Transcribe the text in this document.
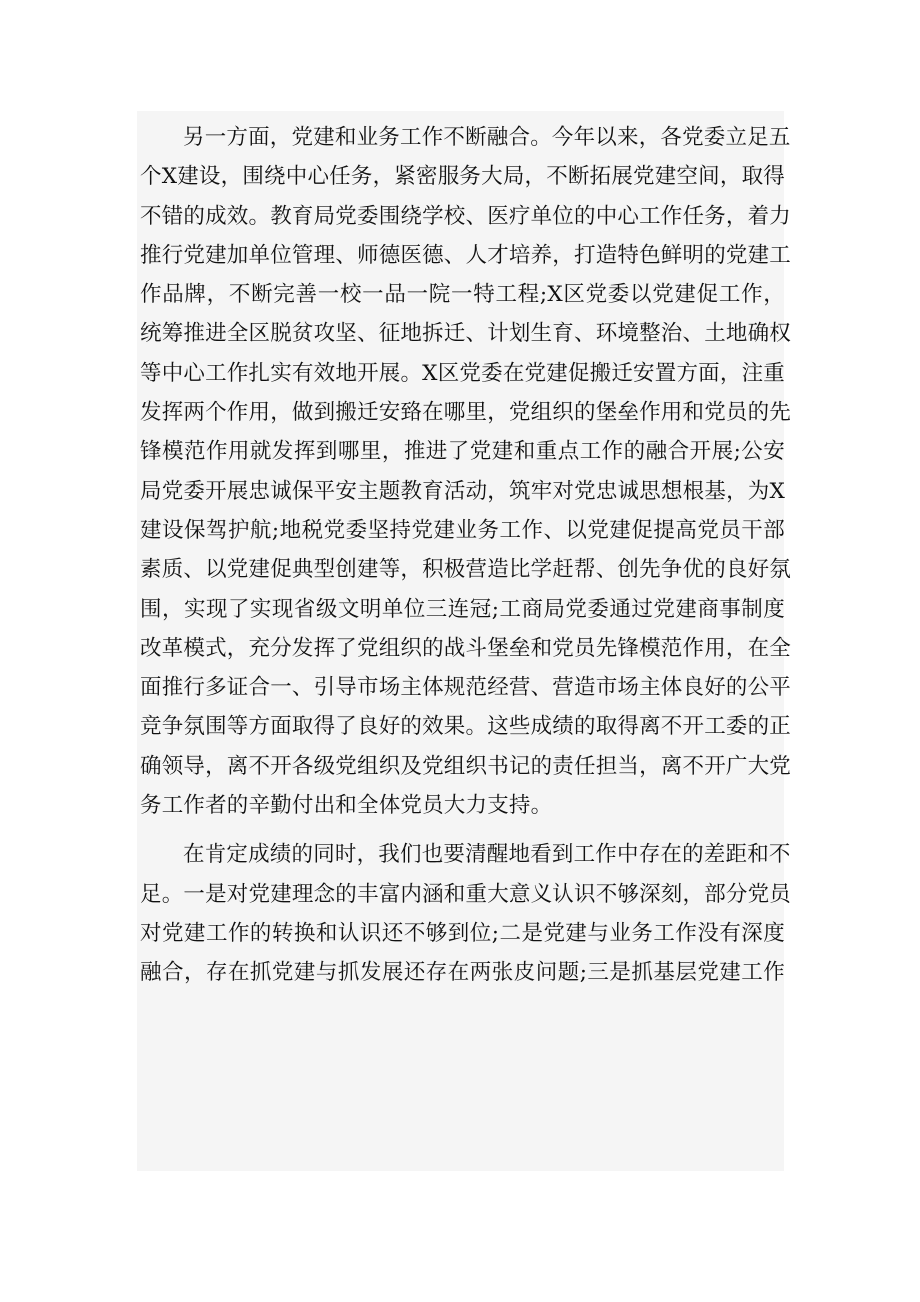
另一方面，党建和业务工作不断融合。今年以来，各党委立足五
个X建设，围绕中心任务，紧密服务大局，不断拓展党建空间，取得
不错的成效。教育局党委围绕学校、医疗单位的中心工作任务，着力
推行党建加单位管理、师德医德、人才培养，打造特色鲜明的党建工
作品牌，不断完善一校一品一院一特工程;X区党委以党建促工作，
统筹推进全区脱贫攻坚、征地拆迁、计划生育、环境整治、土地确权
等中心工作扎实有效地开展。X区党委在党建促搬迁安置方面，注重
发挥两个作用，做到搬迁安臵在哪里，党组织的堡垒作用和党员的先
锋模范作用就发挥到哪里，推进了党建和重点工作的融合开展;公安
局党委开展忠诚保平安主题教育活动，筑牢对党忠诚思想根基，为X
建设保驾护航;地税党委坚持党建业务工作、以党建促提高党员干部
素质、以党建促典型创建等，积极营造比学赶帮、创先争优的良好氛
围，实现了实现省级文明单位三连冠;工商局党委通过党建商事制度
改革模式，充分发挥了党组织的战斗堡垒和党员先锋模范作用，在全
面推行多证合一、引导市场主体规范经营、营造市场主体良好的公平
竞争氛围等方面取得了良好的效果。这些成绩的取得离不开工委的正
确领导，离不开各级党组织及党组织书记的责任担当，离不开广大党
务工作者的辛勤付出和全体党员大力支持。
在肯定成绩的同时，我们也要清醒地看到工作中存在的差距和不
足。一是对党建理念的丰富内涵和重大意义认识不够深刻，部分党员
对党建工作的转换和认识还不够到位;二是党建与业务工作没有深度
融合，存在抓党建与抓发展还存在两张皮问题;三是抓基层党建工作
